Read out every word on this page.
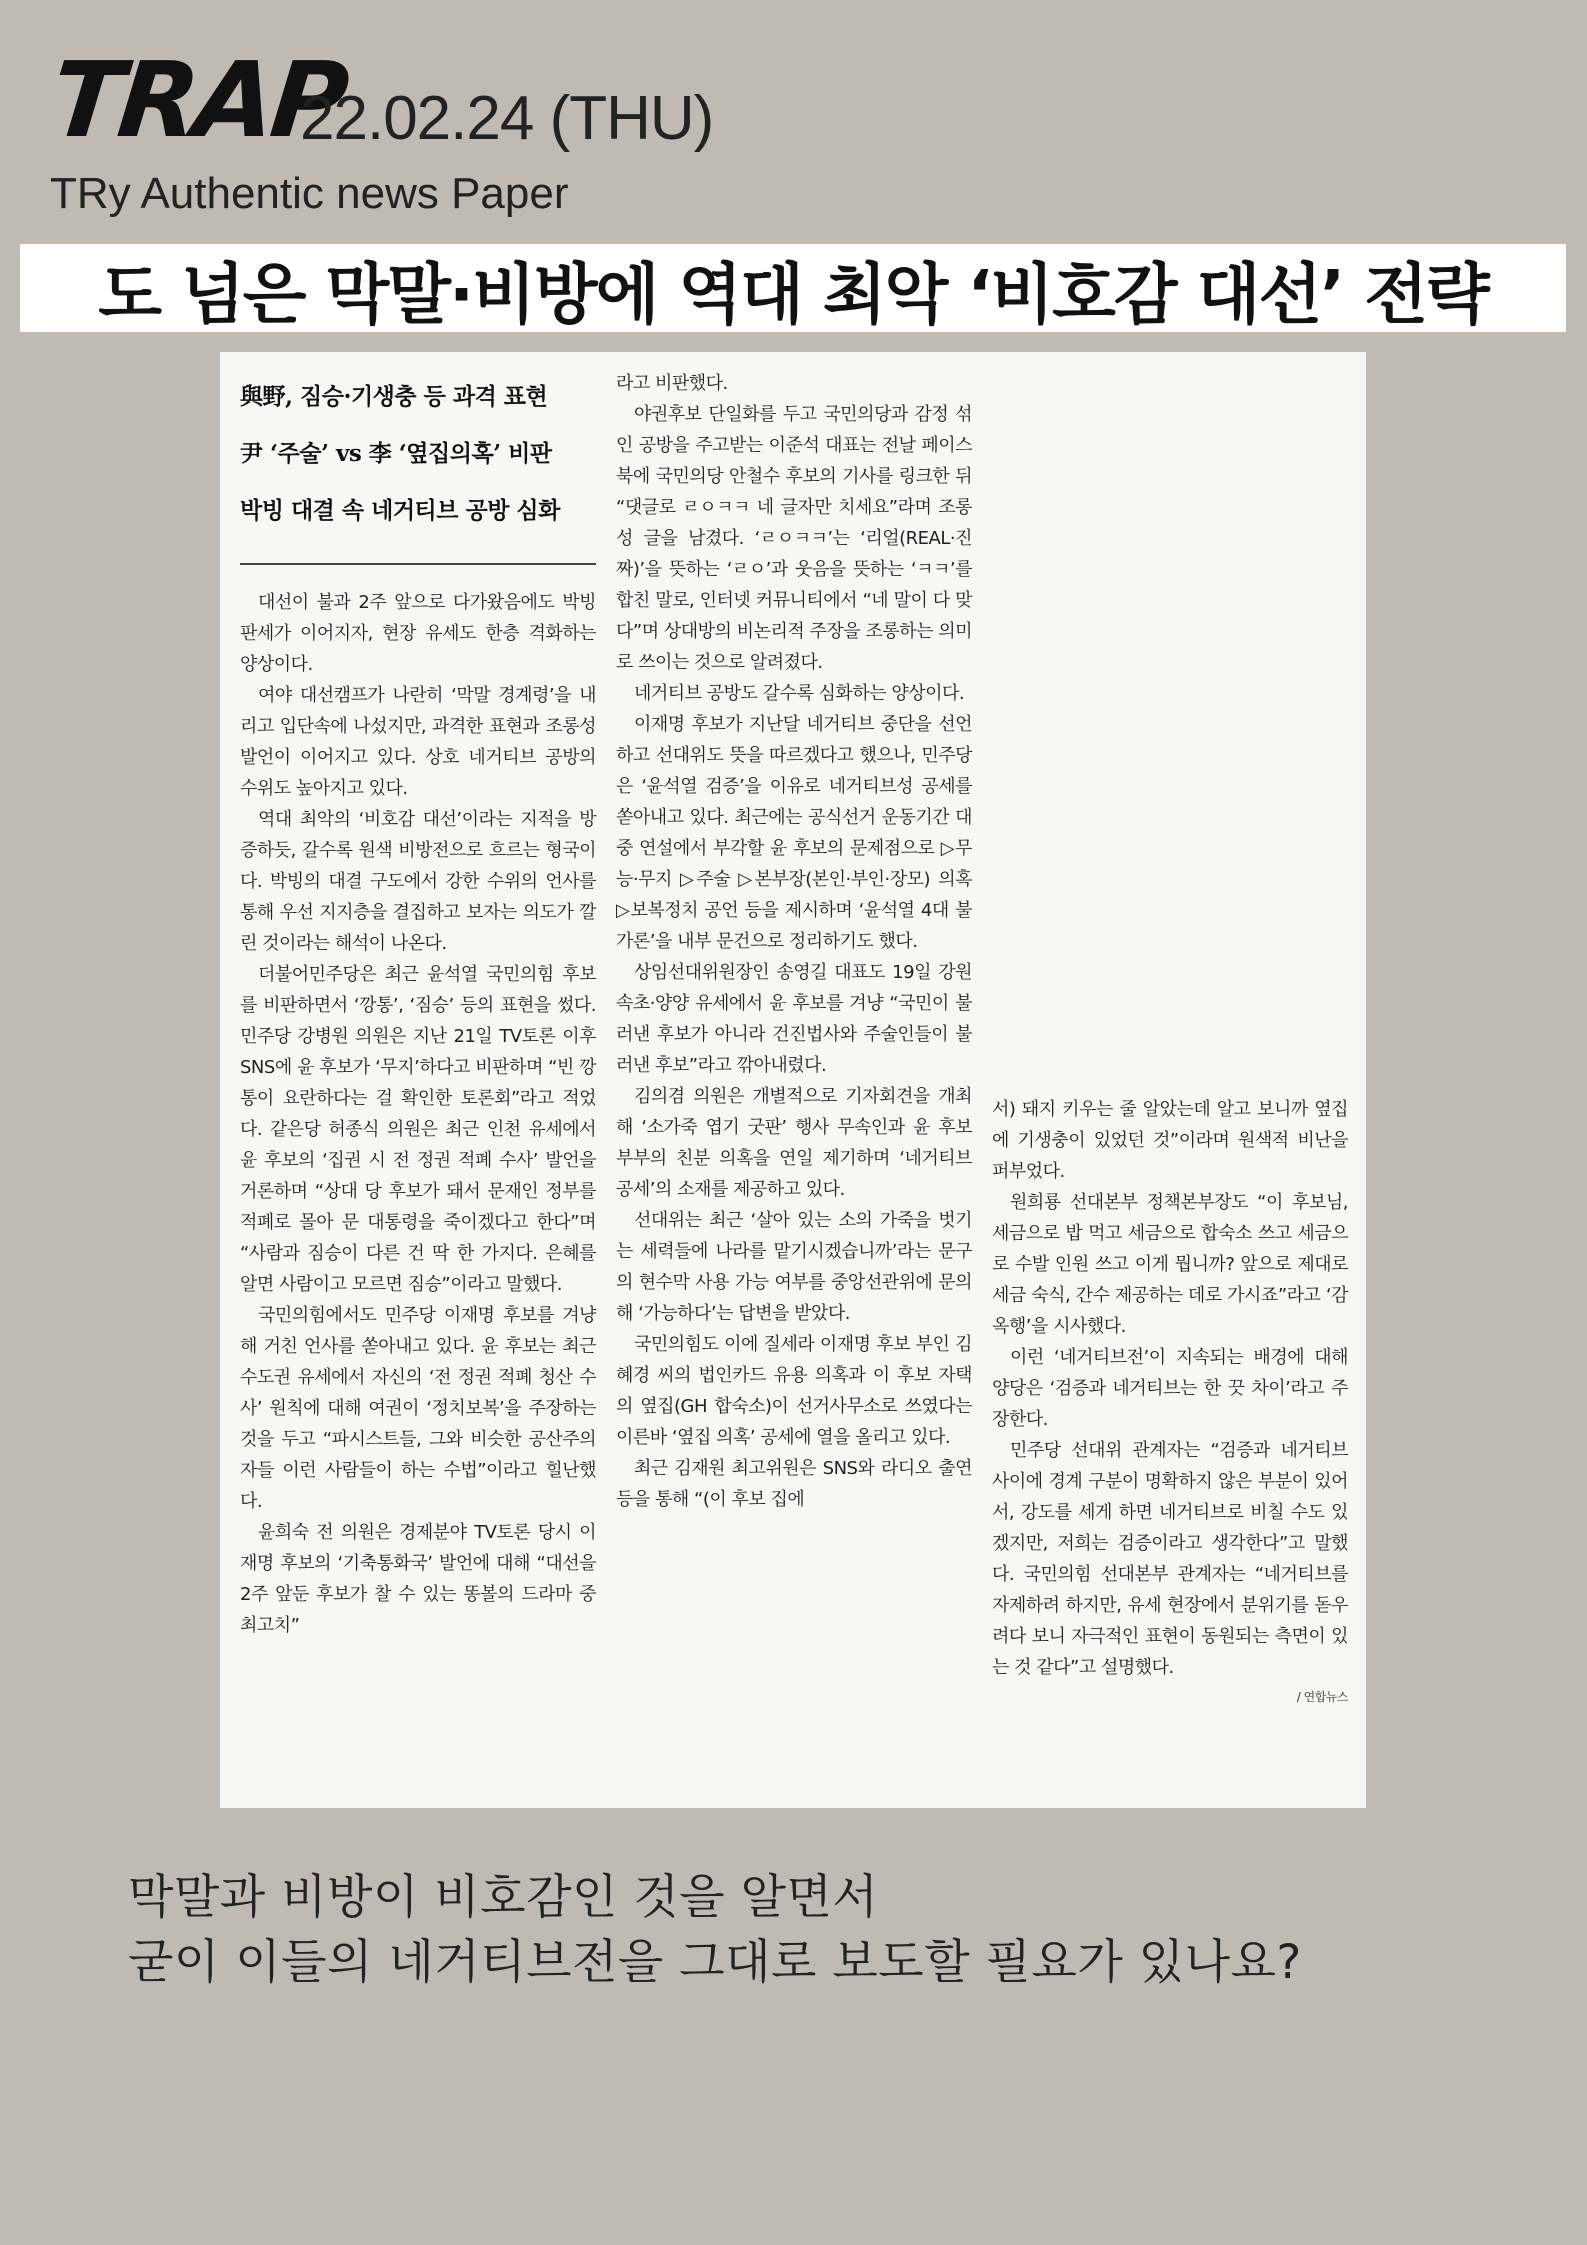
TRAP
22.02.24 (THU)
TRy Authentic news Paper
도 넘은 막말·비방에 역대 최악 ‘비호감 대선’ 전략
與野, 짐승·기생충 등 과격 표현
尹 ‘주술’ vs 李 ‘옆집의혹’ 비판
박빙 대결 속 네거티브 공방 심화

대선이 불과 2주 앞으로 다가왔음에도 박빙 판세가 이어지자, 현장 유세도 한층 격화하는 양상이다.

여야 대선캠프가 나란히 ‘막말 경계령’을 내리고 입단속에 나섰지만, 과격한 표현과 조롱성 발언이 이어지고 있다. 상호 네거티브 공방의 수위도 높아지고 있다.

역대 최악의 ‘비호감 대선’이라는 지적을 방증하듯, 갈수록 원색 비방전으로 흐르는 형국이다. 박빙의 대결 구도에서 강한 수위의 언사를 통해 우선 지지층을 결집하고 보자는 의도가 깔린 것이라는 해석이 나온다.

더불어민주당은 최근 윤석열 국민의힘 후보를 비판하면서 ‘깡통’, ‘짐승’ 등의 표현을 썼다. 민주당 강병원 의원은 지난 21일 TV토론 이후 SNS에 윤 후보가 ‘무지’하다고 비판하며 “빈 깡통이 요란하다는 걸 확인한 토론회”라고 적었다. 같은당 허종식 의원은 최근 인천 유세에서 윤 후보의 ‘집권 시 전 정권 적폐 수사’ 발언을 거론하며 “상대 당 후보가 돼서 문재인 정부를 적폐로 몰아 문 대통령을 죽이겠다고 한다”며 “사람과 짐승이 다른 건 딱 한 가지다. 은혜를 알면 사람이고 모르면 짐승”이라고 말했다.

국민의힘에서도 민주당 이재명 후보를 겨냥해 거친 언사를 쏟아내고 있다. 윤 후보는 최근 수도권 유세에서 자신의 ‘전 정권 적폐 청산 수사’ 원칙에 대해 여권이 ‘정치보복’을 주장하는 것을 두고 “파시스트들, 그와 비슷한 공산주의자들 이런 사람들이 하는 수법”이라고 힐난했다.

윤희숙 전 의원은 경제분야 TV토론 당시 이재명 후보의 ‘기축통화국’ 발언에 대해 “대선을 2주 앞둔 후보가 찰 수 있는 똥볼의 드라마 중 최고치”

라고 비판했다.

야권후보 단일화를 두고 국민의당과 감정 섞인 공방을 주고받는 이준석 대표는 전날 페이스북에 국민의당 안철수 후보의 기사를 링크한 뒤 “댓글로 ㄹㅇㅋㅋ 네 글자만 치세요”라며 조롱성 글을 남겼다. ‘ㄹㅇㅋㅋ’는 ‘리얼(REAL·진짜)’을 뜻하는 ‘ㄹㅇ’과 웃음을 뜻하는 ‘ㅋㅋ’를 합친 말로, 인터넷 커뮤니티에서 “네 말이 다 맞다”며 상대방의 비논리적 주장을 조롱하는 의미로 쓰이는 것으로 알려졌다.

네거티브 공방도 갈수록 심화하는 양상이다.

이재명 후보가 지난달 네거티브 중단을 선언하고 선대위도 뜻을 따르겠다고 했으나, 민주당은 ‘윤석열 검증’을 이유로 네거티브성 공세를 쏟아내고 있다. 최근에는 공식선거 운동기간 대중 연설에서 부각할 윤 후보의 문제점으로 ▷무능·무지 ▷주술 ▷본부장(본인·부인·장모) 의혹 ▷보복정치 공언 등을 제시하며 ‘윤석열 4대 불가론’을 내부 문건으로 정리하기도 했다.

상임선대위원장인 송영길 대표도 19일 강원 속초·양양 유세에서 윤 후보를 겨냥 “국민이 불러낸 후보가 아니라 건진법사와 주술인들이 불러낸 후보”라고 깎아내렸다.

김의겸 의원은 개별적으로 기자회견을 개최해 ‘소가죽 엽기 굿판’ 행사 무속인과 윤 후보 부부의 친분 의혹을 연일 제기하며 ‘네거티브 공세’의 소재를 제공하고 있다.

선대위는 최근 ‘살아 있는 소의 가죽을 벗기는 세력들에 나라를 맡기시겠습니까’라는 문구의 현수막 사용 가능 여부를 중앙선관위에 문의해 ‘가능하다’는 답변을 받았다.

국민의힘도 이에 질세라 이재명 후보 부인 김혜경 씨의 법인카드 유용 의혹과 이 후보 자택의 옆집(GH 합숙소)이 선거사무소로 쓰였다는 이른바 ‘옆집 의혹’ 공세에 열을 올리고 있다.

최근 김재원 최고위원은 SNS와 라디오 출연 등을 통해 “(이 후보 집에

서) 돼지 키우는 줄 알았는데 알고 보니까 옆집에 기생충이 있었던 것”이라며 원색적 비난을 퍼부었다.

원희룡 선대본부 정책본부장도 “이 후보님, 세금으로 밥 먹고 세금으로 합숙소 쓰고 세금으로 수발 인원 쓰고 이게 뭡니까? 앞으로 제대로 세금 숙식, 간수 제공하는 데로 가시죠”라고 ‘감옥행’을 시사했다.

이런 ‘네거티브전’이 지속되는 배경에 대해 양당은 ‘검증과 네거티브는 한 끗 차이’라고 주장한다.

민주당 선대위 관계자는 “검증과 네거티브 사이에 경계 구분이 명확하지 않은 부분이 있어서, 강도를 세게 하면 네거티브로 비칠 수도 있겠지만, 저희는 검증이라고 생각한다”고 말했다. 국민의힘 선대본부 관계자는 “네거티브를 자제하려 하지만, 유세 현장에서 분위기를 돋우려다 보니 자극적인 표현이 동원되는 측면이 있는 것 같다”고 설명했다.

/ 연합뉴스
막말과 비방이 비호감인 것을 알면서
굳이 이들의 네거티브전을 그대로 보도할 필요가 있나요?
